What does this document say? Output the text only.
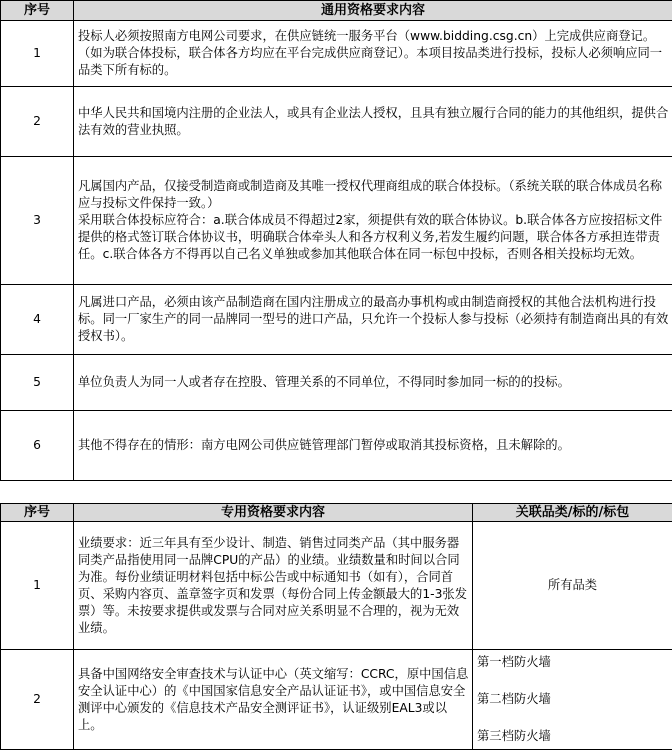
序号	通用资格要求内容
1	投标人必须按照南方电网公司要求，在供应链统一服务平台（www.bidding.csg.cn）上完成供应商登记。（如为联合体投标，联合体各方均应在平台完成供应商登记）。本项目按品类进行投标，投标人必须响应同一品类下所有标的。
2	中华人民共和国境内注册的企业法人，或具有企业法人授权，且具有独立履行合同的能力的其他组织，提供合法有效的营业执照。
3	凡属国内产品，仅接受制造商或制造商及其唯一授权代理商组成的联合体投标。（系统关联的联合体成员名称应与投标文件保持一致。）
采用联合体投标应符合：a.联合体成员不得超过2家，须提供有效的联合体协议。b.联合体各方应按招标文件提供的格式签订联合体协议书，明确联合体牵头人和各方权利义务,若发生履约问题，联合体各方承担连带责任。c.联合体各方不得再以自己名义单独或参加其他联合体在同一标包中投标，否则各相关投标均无效。
4	凡属进口产品，必须由该产品制造商在国内注册成立的最高办事机构或由制造商授权的其他合法机构进行投标。同一厂家生产的同一品牌同一型号的进口产品，只允许一个投标人参与投标（必须持有制造商出具的有效授权书）。
5	单位负责人为同一人或者存在控股、管理关系的不同单位，不得同时参加同一标的的投标。
6	其他不得存在的情形：南方电网公司供应链管理部门暂停或取消其投标资格，且未解除的。
序号	专用资格要求内容	关联品类/标的/标包
1	业绩要求：近三年具有至少设计、制造、销售过同类产品（其中服务器同类产品指使用同一品牌CPU的产品）的业绩。业绩数量和时间以合同为准。每份业绩证明材料包括中标公告或中标通知书（如有），合同首页、采购内容页、盖章签字页和发票（每份合同上传金额最大的1-3张发票）等。未按要求提供或发票与合同对应关系明显不合理的，视为无效业绩。	所有品类
2	具备中国网络安全审查技术与认证中心（英文缩写：CCRC，原中国信息安全认证中心）的《中国国家信息安全产品认证证书》，或中国信息安全测评中心颁发的《信息技术产品安全测评证书》，认证级别EAL3或以上。	第一档防火墙
第二档防火墙
第三档防火墙
